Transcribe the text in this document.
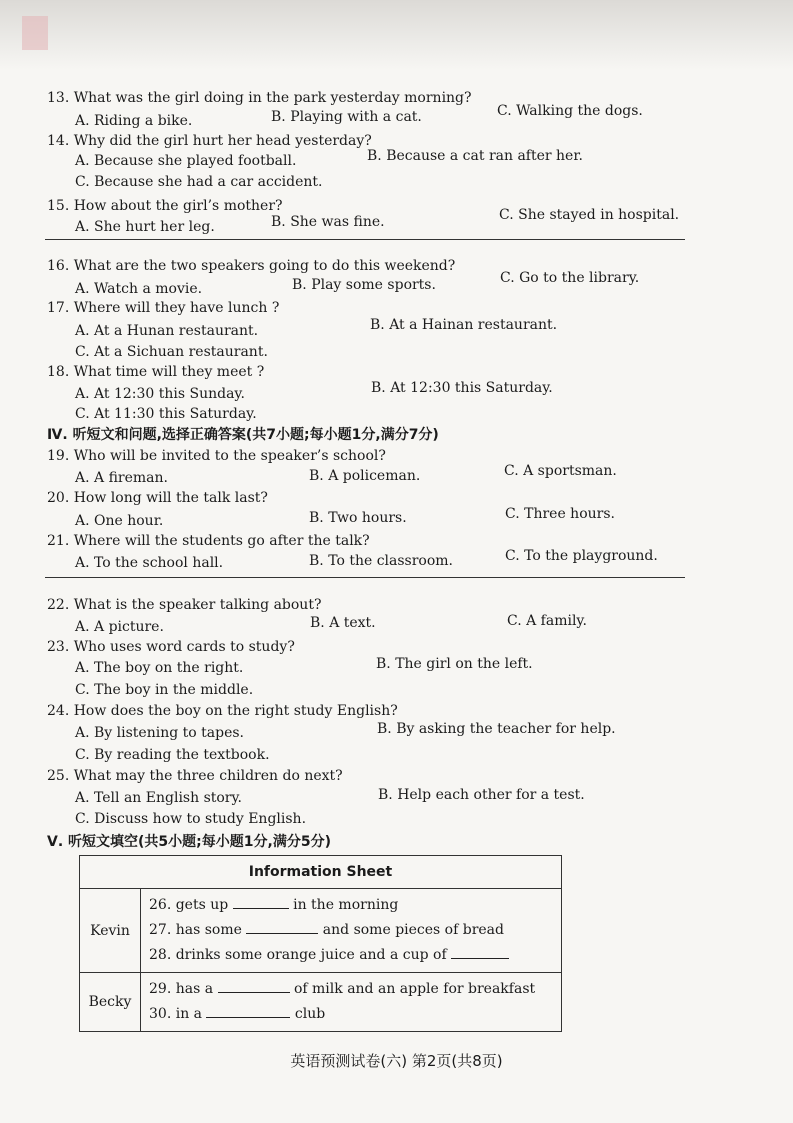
13. What was the girl doing in the park yesterday morning?
A. Riding a bike.	B. Playing with a cat.	C. Walking the dogs.
14. Why did the girl hurt her head yesterday?
A. Because she played football.	B. Because a cat ran after her.
C. Because she had a car accident.
15. How about the girl’s mother?
A. She hurt her leg.	B. She was fine.	C. She stayed in hospital.
16. What are the two speakers going to do this weekend?
A. Watch a movie.	B. Play some sports.	C. Go to the library.
17. Where will they have lunch ?
A. At a Hunan restaurant.	B. At a Hainan restaurant.
C. At a Sichuan restaurant.
18. What time will they meet ?
A. At 12:30 this Sunday.	B. At 12:30 this Saturday.
C. At 11:30 this Saturday.
Ⅳ. 听短文和问题,选择正确答案(共7小题;每小题1分,满分7分)
19. Who will be invited to the speaker’s school?
A. A fireman.	B. A policeman.	C. A sportsman.
20. How long will the talk last?
A. One hour.	B. Two hours.	C. Three hours.
21. Where will the students go after the talk?
A. To the school hall.	B. To the classroom.	C. To the playground.
22. What is the speaker talking about?
A. A picture.	B. A text.	C. A family.
23. Who uses word cards to study?
A. The boy on the right.	B. The girl on the left.
C. The boy in the middle.
24. How does the boy on the right study English?
A. By listening to tapes.	B. By asking the teacher for help.
C. By reading the textbook.
25. What may the three children do next?
A. Tell an English story.	B. Help each other for a test.
C. Discuss how to study English.
Ⅴ. 听短文填空(共5小题;每小题1分,满分5分)
Information Sheet	
Kevin	26. gets up in the morning
27. has some and some pieces of bread
28. drinks some orange juice and a cup of

Becky	29. has a of milk and an apple for breakfast
30. in a club
英语预测试卷(六) 第2页(共8页)
